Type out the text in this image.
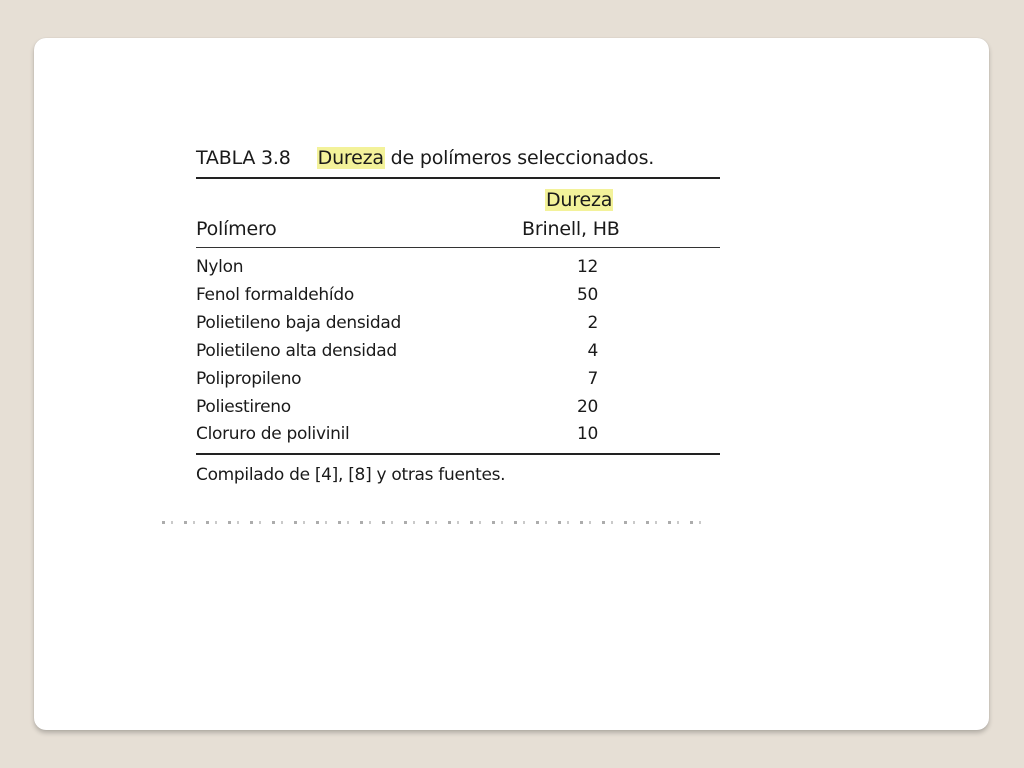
TABLA 3.8 Dureza de polímeros seleccionados.
Dureza
Polímero	Brinell, HB
Nylon	12
Fenol formaldehído	50
Polietileno baja densidad	2
Polietileno alta densidad	4
Polipropileno	7
Poliestireno	20
Cloruro de polivinil	10
Compilado de [4], [8] y otras fuentes.
